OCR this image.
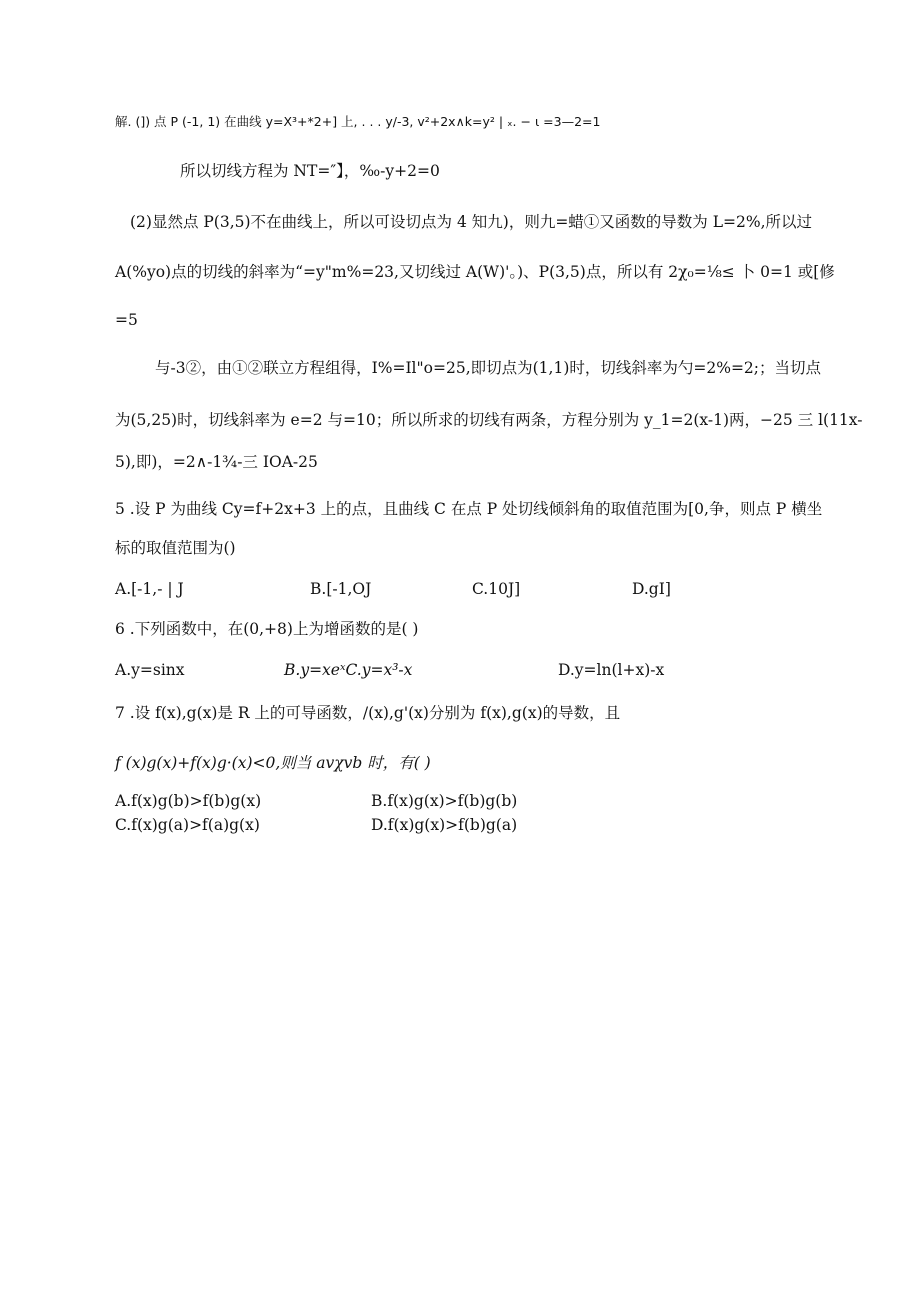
解. (]) 点 P (-1, 1) 在曲线 y=X³+*2+] 上, . . . y/-3, v²+2x∧k=y² | ₓ. − ι =3—2=1
所以切线方程为 NT=″】，‰-y+2=0
(2)显然点 P(3,5)不在曲线上，所以可设切点为 4 知九)，则九=蜡①又函数的导数为 L=2%,所以过
A(%yo)点的切线的斜率为“=y"m%=23,又切线过 A(W)'。)、P(3,5)点，所以有 2χ₀=⅛≤ 卜 0=1 或[修
=5
与-3②，由①②联立方程组得，I%=Il"o=25,即切点为(1,1)时，切线斜率为勺=2%=2;；当切点
为(5,25)时，切线斜率为 e=2 与=10；所以所求的切线有两条，方程分别为 y_1=2(x-1)两，−25 三 l(11x-
5),即)，=2∧-1¾-三 IOA-25
5 .设 P 为曲线 Cy=f+2x+3 上的点，且曲线 C 在点 P 处切线倾斜角的取值范围为[0,争，则点 P 横坐
标的取值范围为()
A.[-1,- | J	B.[-1,OJ	C.10J]	D.gI]
6 .下列函数中，在(0,+8)上为增函数的是( )
A.y=sinx	B.y=xeˣC.y=x³-x	D.y=ln(l+x)-x
7 .设 f(x),g(x)是 R 上的可导函数，/(x),g'(x)分别为 f(x),g(x)的导数，且
f (x)g(x)+f(x)g·(x)<0,则当 avχvb 时，有( )
A.f(x)g(b)>f(b)g(x)	B.f(x)g(x)>f(b)g(b)
C.f(x)g(a)>f(a)g(x)	D.f(x)g(x)>f(b)g(a)
